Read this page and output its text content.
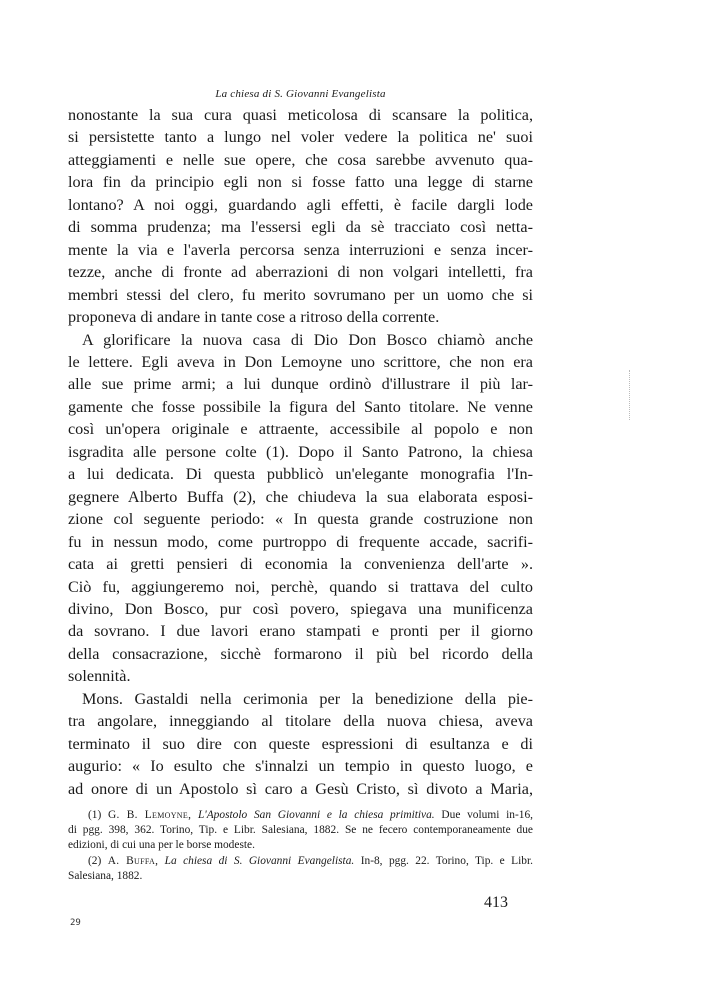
La chiesa di S. Giovanni Evangelista
nonostante la sua cura quasi meticolosa di scansare la politica,
si persistette tanto a lungo nel voler vedere la politica ne' suoi
atteggiamenti e nelle sue opere, che cosa sarebbe avvenuto qua-
lora fin da principio egli non si fosse fatto una legge di starne
lontano? A noi oggi, guardando agli effetti, è facile dargli lode
di somma prudenza; ma l'essersi egli da sè tracciato così netta-
mente la via e l'averla percorsa senza interruzioni e senza incer-
tezze, anche di fronte ad aberrazioni di non volgari intelletti, fra
membri stessi del clero, fu merito sovrumano per un uomo che si
proponeva di andare in tante cose a ritroso della corrente.
A glorificare la nuova casa di Dio Don Bosco chiamò anche
le lettere. Egli aveva in Don Lemoyne uno scrittore, che non era
alle sue prime armi; a lui dunque ordinò d'illustrare il più lar-
gamente che fosse possibile la figura del Santo titolare. Ne venne
così un'opera originale e attraente, accessibile al popolo e non
isgradita alle persone colte (1). Dopo il Santo Patrono, la chiesa
a lui dedicata. Di questa pubblicò un'elegante monografia l'In-
gegnere Alberto Buffa (2), che chiudeva la sua elaborata esposi-
zione col seguente periodo: « In questa grande costruzione non
fu in nessun modo, come purtroppo di frequente accade, sacrifi-
cata ai gretti pensieri di economia la convenienza dell'arte ».
Ciò fu, aggiungeremo noi, perchè, quando si trattava del culto
divino, Don Bosco, pur così povero, spiegava una munificenza
da sovrano. I due lavori erano stampati e pronti per il giorno
della consacrazione, sicchè formarono il più bel ricordo della
solennità.
Mons. Gastaldi nella cerimonia per la benedizione della pie-
tra angolare, inneggiando al titolare della nuova chiesa, aveva
terminato il suo dire con queste espressioni di esultanza e di
augurio: « Io esulto che s'innalzi un tempio in questo luogo, e
ad onore di un Apostolo sì caro a Gesù Cristo, sì divoto a Maria,
(1) G. B. Lemoyne, L'Apostolo San Giovanni e la chiesa primitiva. Due volumi in-16,
di pgg. 398, 362. Torino, Tip. e Libr. Salesiana, 1882. Se ne fecero contemporaneamente due
edizioni, di cui una per le borse modeste.
(2) A. Buffa, La chiesa di S. Giovanni Evangelista. In-8, pgg. 22. Torino, Tip. e Libr.
Salesiana, 1882.
413
29
